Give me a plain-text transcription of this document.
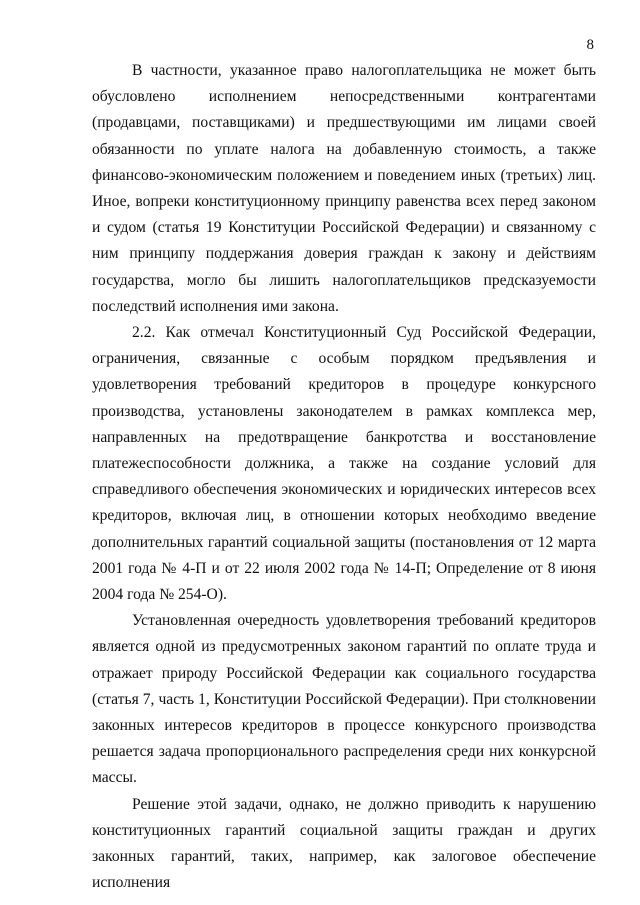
8

В частности, указанное право налогоплательщика не может быть обусловлено исполнением непосредственными контрагентами (продавцами, поставщиками) и предшествующими им лицами своей обязанности по уплате налога на добавленную стоимость, а также финансово-экономическим положением и поведением иных (третьих) лиц. Иное, вопреки конституционному принципу равенства всех перед законом и судом (статья 19 Конституции Российской Федерации) и связанному с ним принципу поддержания доверия граждан к закону и действиям государства, могло бы лишить налогоплательщиков предсказуемости последствий исполнения ими закона.

2.2. Как отмечал Конституционный Суд Российской Федерации, ограничения, связанные с особым порядком предъявления и удовлетворения требований кредиторов в процедуре конкурсного производства, установлены законодателем в рамках комплекса мер, направленных на предотвращение банкротства и восстановление платежеспособности должника, а также на создание условий для справедливого обеспечения экономических и юридических интересов всех кредиторов, включая лиц, в отношении которых необходимо введение дополнительных гарантий социальной защиты (постановления от 12 марта 2001 года № 4-П и от 22 июля 2002 года № 14-П; Определение от 8 июня 2004 года № 254-О).

Установленная очередность удовлетворения требований кредиторов является одной из предусмотренных законом гарантий по оплате труда и отражает природу Российской Федерации как социального государства (статья 7, часть 1, Конституции Российской Федерации). При столкновении законных интересов кредиторов в процессе конкурсного производства решается задача пропорционального распределения среди них конкурсной массы.

Решение этой задачи, однако, не должно приводить к нарушению конституционных гарантий социальной защиты граждан и других законных гарантий, таких, например, как залоговое обеспечение исполнения
